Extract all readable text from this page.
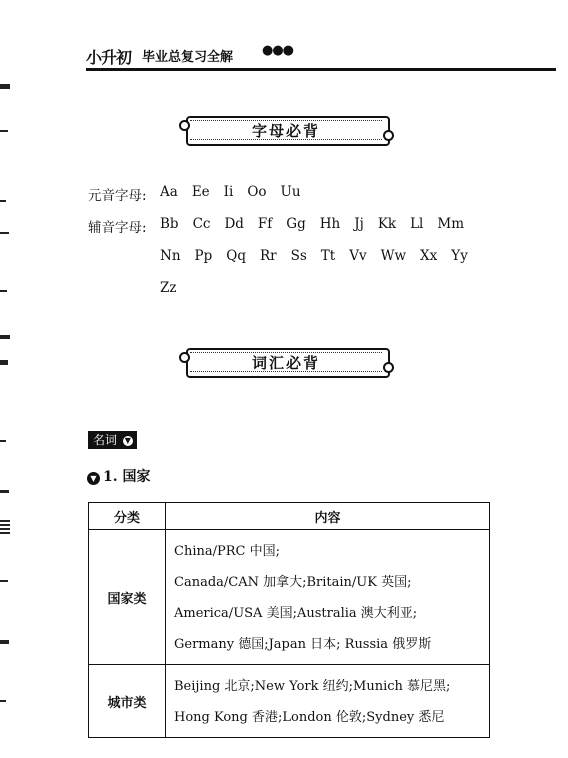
小升初 毕业总复习全解 ●●●
字母必背
元音字母: Aa Ee Ii Oo Uu
辅音字母: Bb Cc Dd Ff Gg Hh Jj Kk Ll Mm
Nn Pp Qq Rr Ss Tt Vv Ww Xx Yy
Zz
词汇必背
名词 ▼
▼ 1. 国家
分类	内容
国家类	China/PRC 中国;
Canada/CAN 加拿大;Britain/UK 英国;
America/USA 美国;Australia 澳大利亚;
Germany 德国;Japan 日本; Russia 俄罗斯

城市类	Beijing 北京;New York 纽约;Munich 慕尼黑;
Hong Kong 香港;London 伦敦;Sydney 悉尼
